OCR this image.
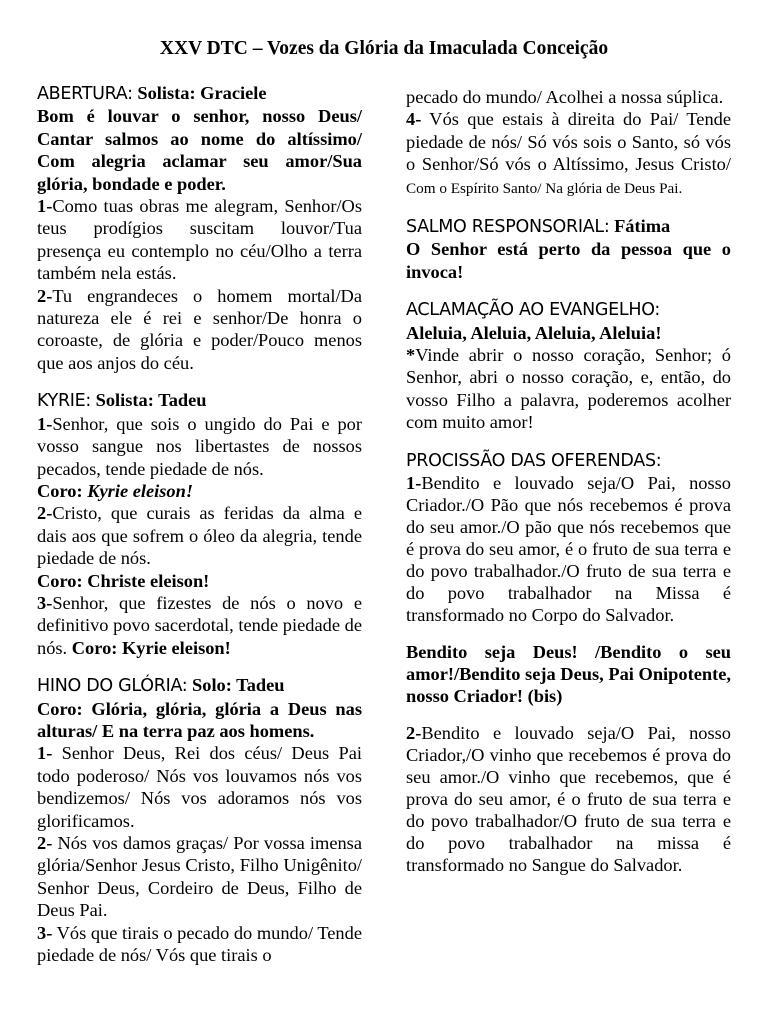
XXV DTC – Vozes da Glória da Imaculada Conceição

ABERTURA: Solista: Graciele

Bom é louvar o senhor, nosso Deus/ Cantar salmos ao nome do altíssimo/ Com alegria aclamar seu amor/Sua glória, bondade e poder.

1-Como tuas obras me alegram, Senhor/Os teus prodígios suscitam louvor/Tua presença eu contemplo no céu/Olho a terra também nela estás.

2-Tu engrandeces o homem mortal/Da natureza ele é rei e senhor/De honra o coroaste, de glória e poder/Pouco menos que aos anjos do céu.

KYRIE: Solista: Tadeu

1-Senhor, que sois o ungido do Pai e por vosso sangue nos libertastes de nossos pecados, tende piedade de nós.

Coro: Kyrie eleison!

2-Cristo, que curais as feridas da alma e dais aos que sofrem o óleo da alegria, tende piedade de nós.

Coro: Christe eleison!

3-Senhor, que fizestes de nós o novo e definitivo povo sacerdotal, tende piedade de nós. Coro: Kyrie eleison!

HINO DO GLÓRIA: Solo: Tadeu

Coro: Glória, glória, glória a Deus nas alturas/ E na terra paz aos homens.

1- Senhor Deus, Rei dos céus/ Deus Pai todo poderoso/ Nós vos louvamos nós vos bendizemos/ Nós vos adoramos nós vos glorificamos.

2- Nós vos damos graças/ Por vossa imensa glória/Senhor Jesus Cristo, Filho Unigênito/ Senhor Deus, Cordeiro de Deus, Filho de Deus Pai.

3- Vós que tirais o pecado do mundo/ Tende piedade de nós/ Vós que tirais o

pecado do mundo/ Acolhei a nossa súplica.

4- Vós que estais à direita do Pai/ Tende piedade de nós/ Só vós sois o Santo, só vós o Senhor/Só vós o Altíssimo, Jesus Cristo/ Com o Espírito Santo/ Na glória de Deus Pai.

SALMO RESPONSORIAL: Fátima

O Senhor está perto da pessoa que o invoca!

ACLAMAÇÃO AO EVANGELHO:

Aleluia, Aleluia, Aleluia, Aleluia!

*Vinde abrir o nosso coração, Senhor; ó Senhor, abri o nosso coração, e, então, do vosso Filho a palavra, poderemos acolher com muito amor!

PROCISSÃO DAS OFERENDAS:

1-Bendito e louvado seja/O Pai, nosso Criador./O Pão que nós recebemos é prova do seu amor./O pão que nós recebemos que é prova do seu amor, é o fruto de sua terra e do povo trabalhador./O fruto de sua terra e do povo trabalhador na Missa é transformado no Corpo do Salvador.

Bendito seja Deus! /Bendito o seu amor!/Bendito seja Deus, Pai Onipotente, nosso Criador! (bis)

2-Bendito e louvado seja/O Pai, nosso Criador,/O vinho que recebemos é prova do seu amor./O vinho que recebemos, que é prova do seu amor, é o fruto de sua terra e do povo trabalhador/O fruto de sua terra e do povo trabalhador na missa é transformado no Sangue do Salvador.
